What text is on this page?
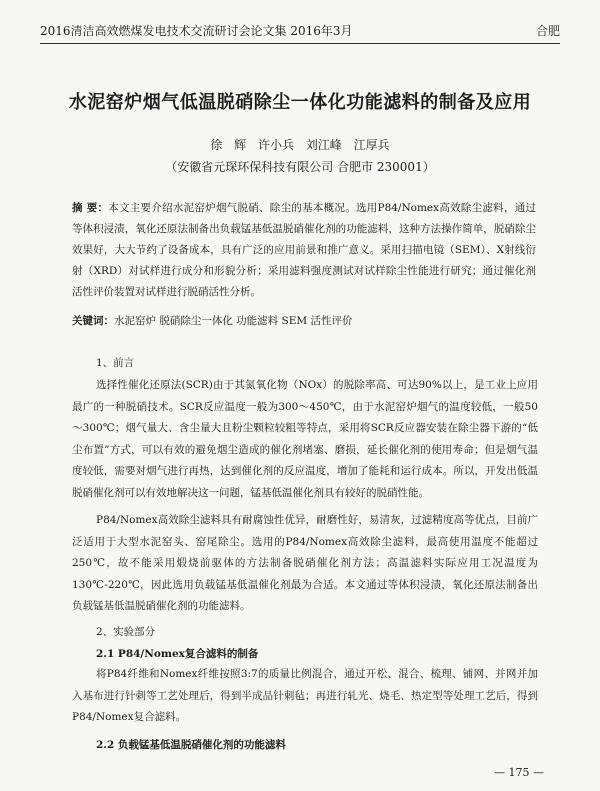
2016清洁高效燃煤发电技术交流研讨会论文集 2016年3月	合肥
水泥窑炉烟气低温脱硝除尘一体化功能滤料的制备及应用
徐 辉 许小兵 刘江峰 江厚兵
（安徽省元琛环保科技有限公司 合肥市 230001）
摘 要：本文主要介绍水泥窑炉烟气脱硝、除尘的基本概况。选用P84/Nomex高效除尘滤料，通过等体积浸渍，氧化还原法制备出负载锰基低温脱硝催化剂的功能滤料，这种方法操作简单，脱硝除尘效果好，大大节约了设备成本，具有广泛的应用前景和推广意义。采用扫描电镜（SEM）、X射线衍射（XRD）对试样进行成分和形貌分析；采用滤料强度测试对试样除尘性能进行研究；通过催化剂活性评价装置对试样进行脱硝活性分析。
关键词：水泥窑炉 脱硝除尘一体化 功能滤料 SEM 活性评价
1、前言
选择性催化还原法(SCR)由于其氮氧化物（NOx）的脱除率高、可达90%以上，是工业上应用最广的一种脱硝技术。SCR反应温度一般为300～450℃，由于水泥窑炉烟气的温度较低，一般50～300℃；烟气量大、含尘量大且粉尘颗粒较粗等特点，采用将SCR反应器安装在除尘器下游的“低尘布置”方式，可以有效的避免烟尘造成的催化剂堵塞、磨损，延长催化剂的使用寿命；但是烟气温度较低，需要对烟气进行再热，达到催化剂的反应温度，增加了能耗和运行成本。所以，开发出低温脱硝催化剂可以有效地解决这一问题，锰基低温催化剂具有较好的脱硝性能。
P84/Nomex高效除尘滤料具有耐腐蚀性优异，耐磨性好，易清灰，过滤精度高等优点，目前广泛适用于大型水泥窑头、窑尾除尘。选用的P84/Nomex高效除尘滤料，最高使用温度不能超过250℃，故不能采用煅烧前驱体的方法制备脱硝催化剂方法；高温滤料实际应用工况温度为130℃-220℃，因此选用负载锰基低温催化剂最为合适。本文通过等体积浸渍，氧化还原法制备出负载锰基低温脱硝催化剂的功能滤料。
2、实验部分
2.1 P84/Nomex复合滤料的制备
将P84纤维和Nomex纤维按照3:7的质量比例混合，通过开松、混合、梳理、铺网、并网并加入基布进行针刺等工艺处理后，得到半成品针刺毡；再进行轧光、烧毛、热定型等处理工艺后，得到P84/Nomex复合滤料。
2.2 负载锰基低温脱硝催化剂的功能滤料
— 175 —
